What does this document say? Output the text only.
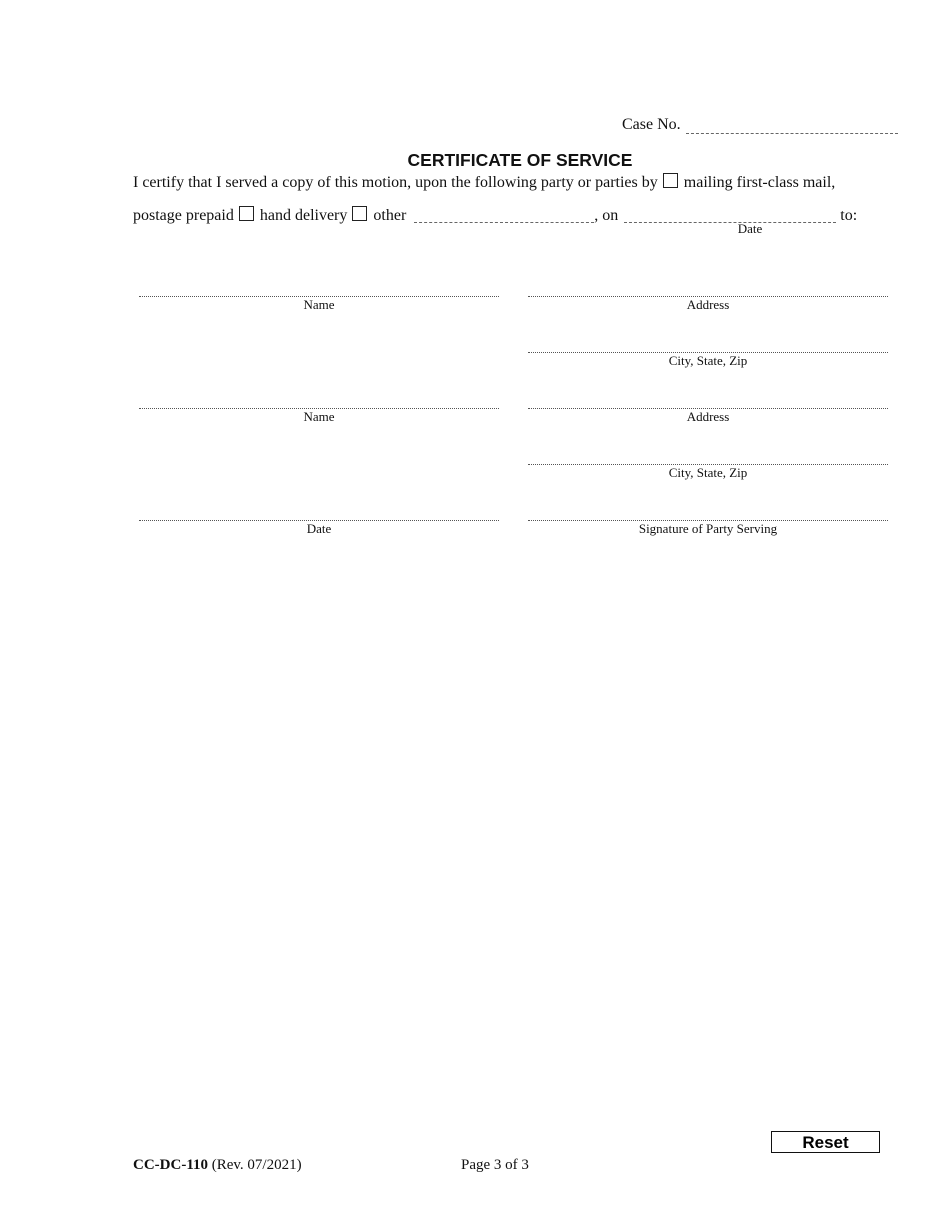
Case No.
CERTIFICATE OF SERVICE
I certify that I served a copy of this motion, upon the following party or parties by mailing first-class mail,
postage prepaid hand delivery other	, on	to:
Date
Name	Address
City, State, Zip
Name	Address
City, State, Zip
Date	Signature of Party Serving
Reset
CC-DC-110 (Rev. 07/2021)	Page 3 of 3
